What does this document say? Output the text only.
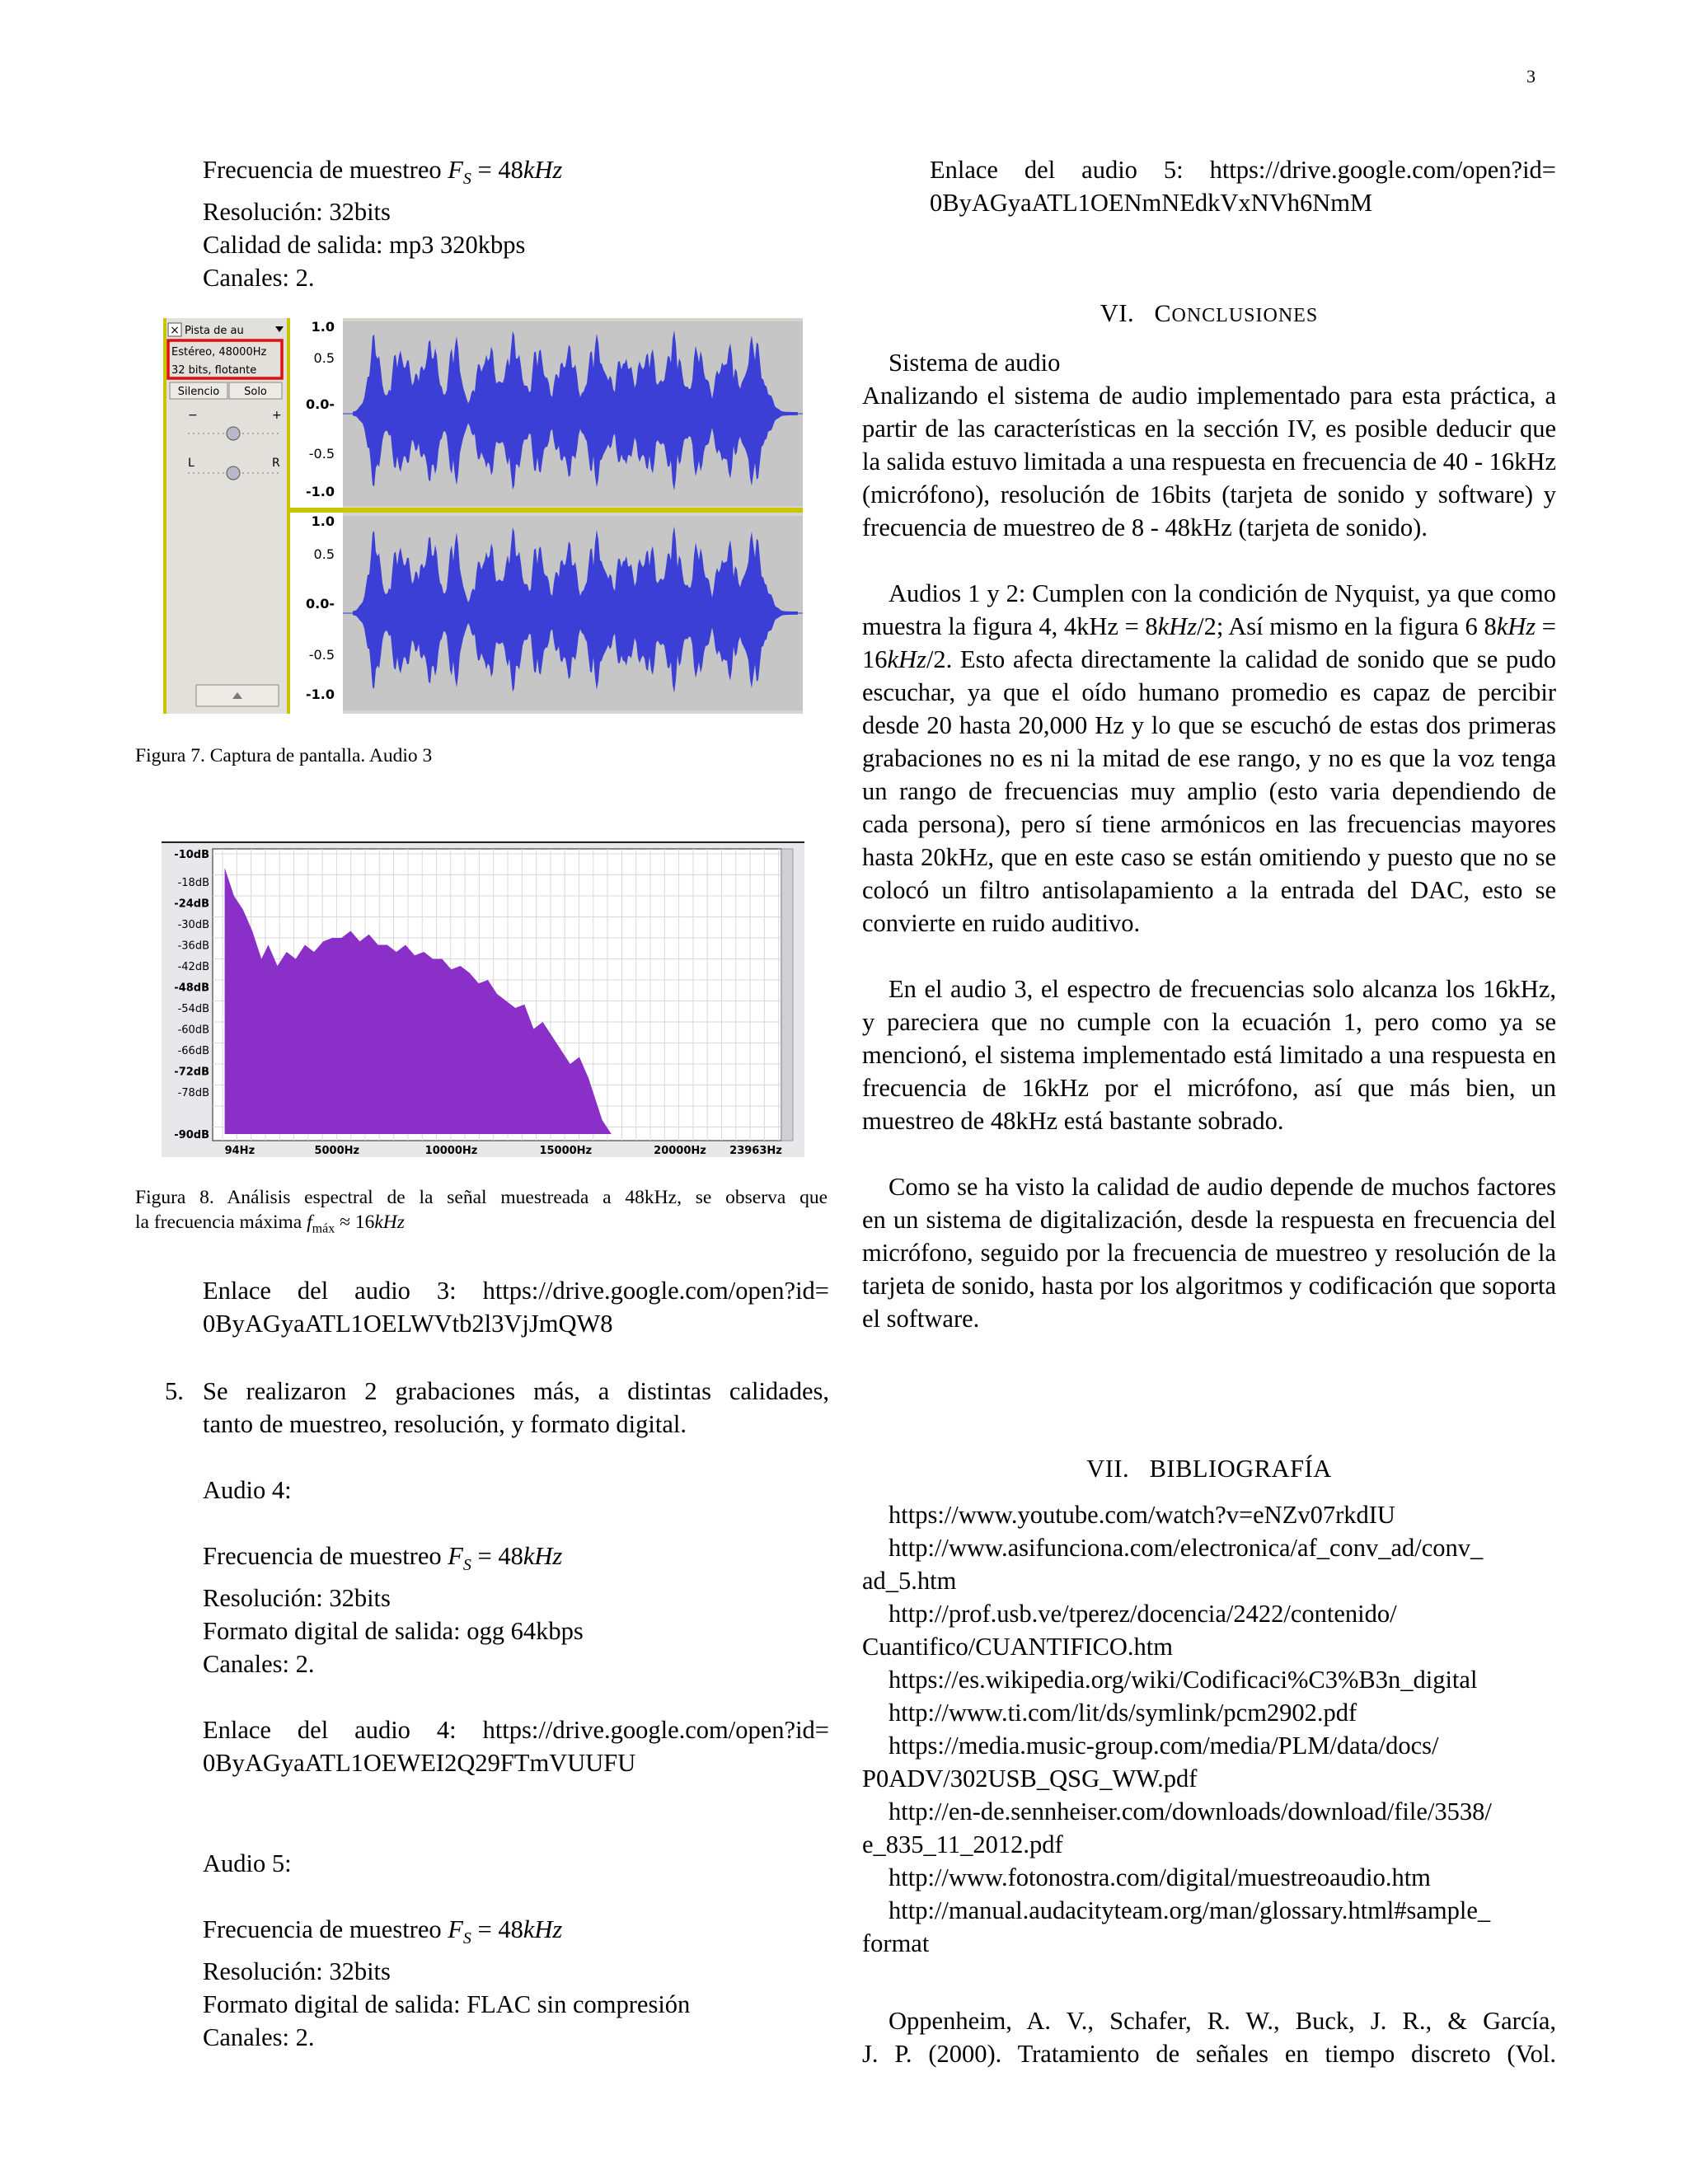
3
Frecuencia de muestreo $F_S = 48kHz$
Resolución: 32bits
Calidad de salida: mp3 320kbps
Canales: 2.
× Pista de au
Estéreo, 48000Hz
32 bits, flotante
Silencio Solo
−	+
L	R
1.0
0.5
0.0-
-0.5
-1.0
1.0
0.5
0.0-
-0.5
-1.0
Figura 7. Captura de pantalla. Audio 3
-10dB
-18dB
-24dB
-30dB
-36dB
-42dB
-48dB
-54dB
-60dB
-66dB
-72dB
-78dB
-90dB
94Hz	5000Hz	10000Hz	15000Hz	20000Hz 23963Hz
Figura 8. Análisis espectral de la señal muestreada a 48kHz, se observa que
la frecuencia máxima $f_{máx} \approx 16kHz$
Enlace del audio 3: https://drive.google.com/open?id=
0ByAGyaATL1OELWVtb2l3VjJmQW8
5. Se realizaron 2 grabaciones más, a distintas calidades,
tanto de muestreo, resolución, y formato digital.
Audio 4:
Frecuencia de muestreo $F_S = 48kHz$
Resolución: 32bits
Formato digital de salida: ogg 64kbps
Canales: 2.
Enlace del audio 4: https://drive.google.com/open?id=
0ByAGyaATL1OEWEI2Q29FTmVUUFU
Audio 5:
Frecuencia de muestreo $F_S = 48kHz$
Resolución: 32bits
Formato digital de salida: FLAC sin compresión
Canales: 2.
Enlace del audio 5: https://drive.google.com/open?id=
0ByAGyaATL1OENmNEdkVxNVh6NmM
VI. CONCLUSIONES

Sistema de audio

Analizando el sistema de audio implementado para esta práctica, a partir de las características en la sección IV, es posible deducir que la salida estuvo limitada a una respuesta en frecuencia de 40 - 16kHz (micrófono), resolución de 16bits (tarjeta de sonido y software) y frecuencia de muestreo de 8 - 48kHz (tarjeta de sonido).

Audios 1 y 2: Cumplen con la condición de Nyquist, ya que como muestra la figura 4, 4kHz = 8kHz/2; Así mismo en la figura 6 8kHz = 16kHz/2. Esto afecta directamente la calidad de sonido que se pudo escuchar, ya que el oído humano promedio es capaz de percibir desde 20 hasta 20,000 Hz y lo que se escuchó de estas dos primeras grabaciones no es ni la mitad de ese rango, y no es que la voz tenga un rango de frecuencias muy amplio (esto varia dependiendo de cada persona), pero sí tiene armónicos en las frecuencias mayores hasta 20kHz, que en este caso se están omitiendo y puesto que no se colocó un filtro antisolapamiento a la entrada del DAC, esto se convierte en ruido auditivo.

En el audio 3, el espectro de frecuencias solo alcanza los 16kHz, y pareciera que no cumple con la ecuación 1, pero como ya se mencionó, el sistema implementado está limitado a una respuesta en frecuencia de 16kHz por el micrófono, así que más bien, un muestreo de 48kHz está bastante sobrado.

Como se ha visto la calidad de audio depende de muchos factores en un sistema de digitalización, desde la respuesta en frecuencia del micrófono, seguido por la frecuencia de muestreo y resolución de la tarjeta de sonido, hasta por los algoritmos y codificación que soporta el software.

VII. BIBLIOGRAFÍA
https://www.youtube.com/watch?v=eNZv07rkdIU
http://www.asifunciona.com/electronica/af_conv_ad/conv_
ad_5.htm
http://prof.usb.ve/tperez/docencia/2422/contenido/
Cuantifico/CUANTIFICO.htm
https://es.wikipedia.org/wiki/Codificaci%C3%B3n_digital
http://www.ti.com/lit/ds/symlink/pcm2902.pdf
https://media.music-group.com/media/PLM/data/docs/
P0ADV/302USB_QSG_WW.pdf
http://en-de.sennheiser.com/downloads/download/file/3538/
e_835_11_2012.pdf
http://www.fotonostra.com/digital/muestreoaudio.htm
http://manual.audacityteam.org/man/glossary.html#sample_
format
Oppenheim, A. V., Schafer, R. W., Buck, J. R., & García,
J. P. (2000). Tratamiento de señales en tiempo discreto (Vol.
